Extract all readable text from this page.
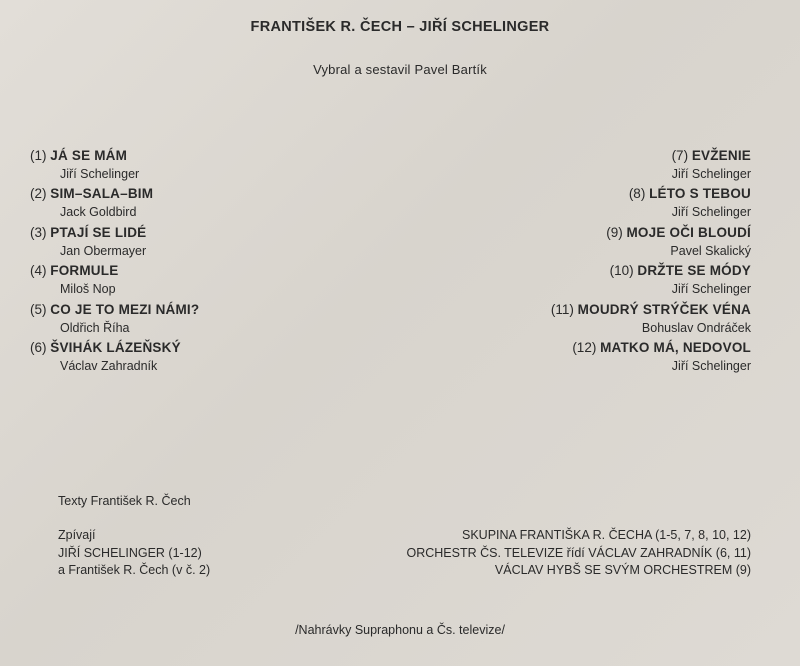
FRANTIŠEK R. ČECH – JIŘÍ SCHELINGER
Vybral a sestavil Pavel Bartík
(1) JÁ SE MÁM
Jiří Schelinger
(2) SIM–SALA–BIM
Jack Goldbird
(3) PTAJÍ SE LIDÉ
Jan Obermayer
(4) FORMULE
Miloš Nop
(5) CO JE TO MEZI NÁMI?
Oldřich Říha
(6) ŠVIHÁK LÁZEŇSKÝ
Václav Zahradník
(7) EVŽENIE
Jiří Schelinger
(8) LÉTO S TEBOU
Jiří Schelinger
(9) MOJE OČI BLOUDÍ
Pavel Skalický
(10) DRŽTE SE MÓDY
Jiří Schelinger
(11) MOUDRÝ STRÝČEK VÉNA
Bohuslav Ondráček
(12) MATKO MÁ, NEDOVOL
Jiří Schelinger
Texty František R. Čech
Zpívají
JIŘÍ SCHELINGER (1-12)
a František R. Čech (v č. 2)
SKUPINA FRANTIŠKA R. ČECHA (1-5, 7, 8, 10, 12)
ORCHESTR ČS. TELEVIZE řídí VÁCLAV ZAHRADNÍK (6, 11)
VÁCLAV HYBŠ SE SVÝM ORCHESTREM (9)
/Nahrávky Supraphonu a Čs. televize/
